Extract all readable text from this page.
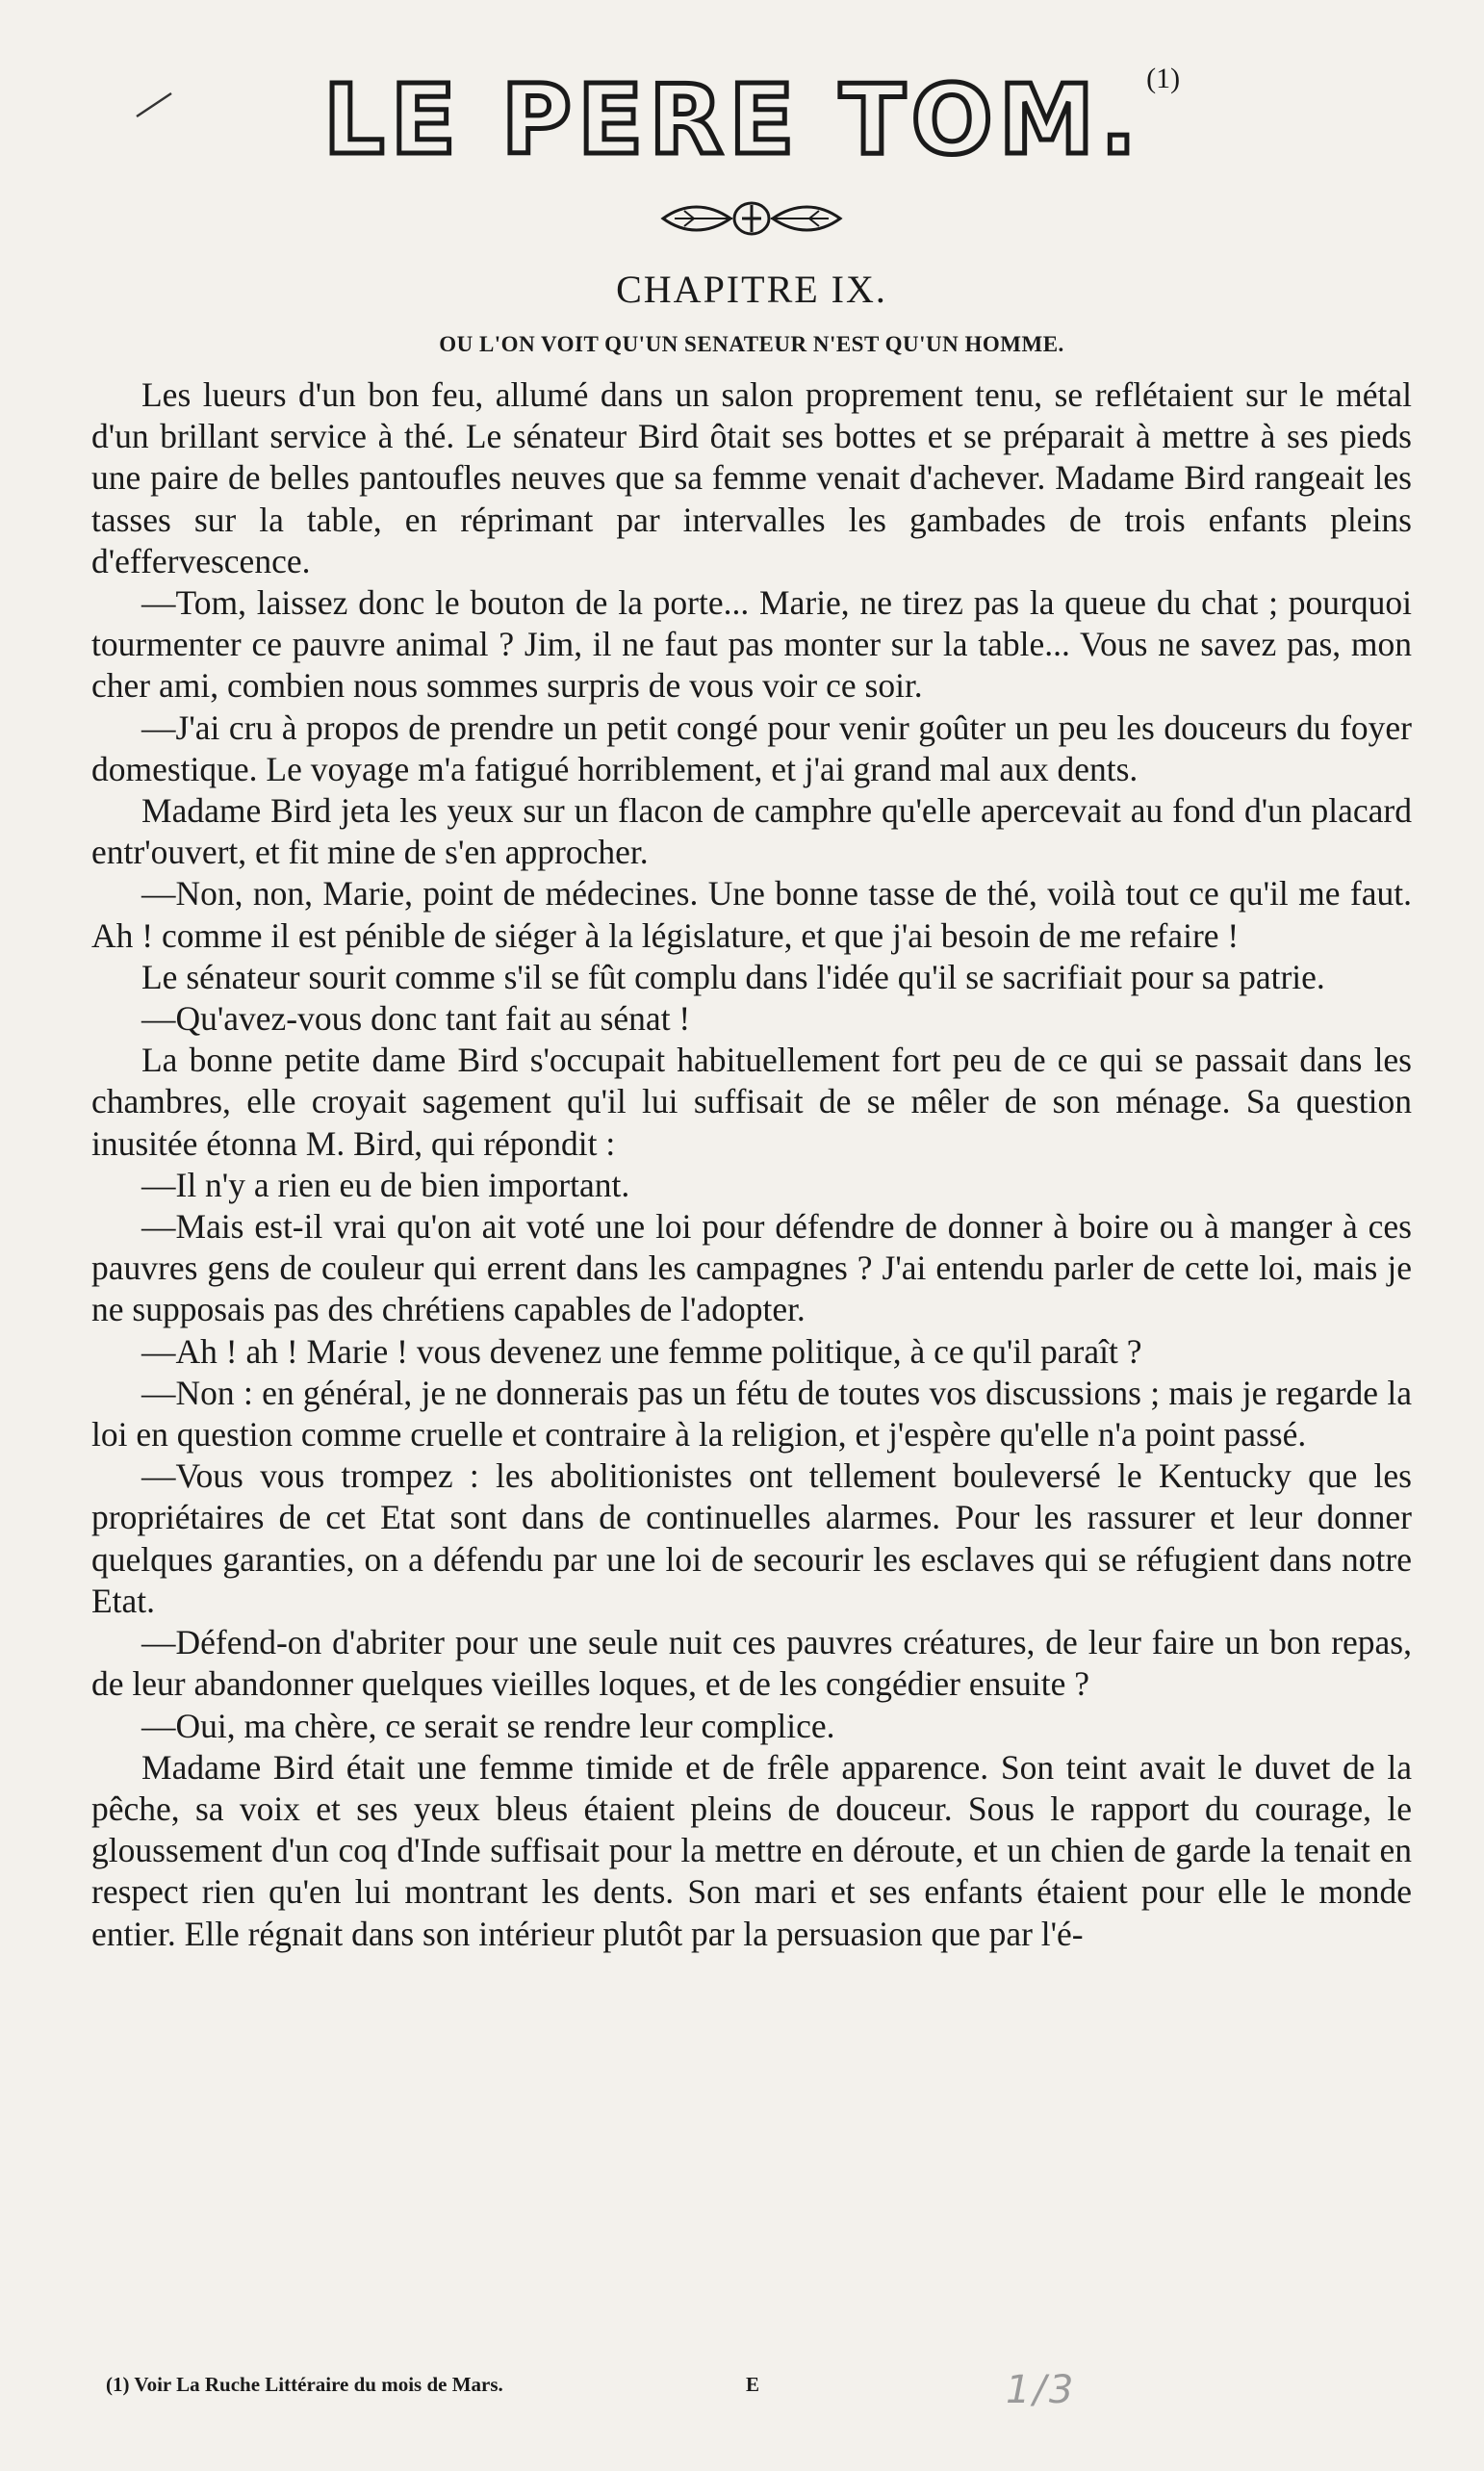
LE PERE TOM. (1)
CHAPITRE IX.
OU L'ON VOIT QU'UN SENATEUR N'EST QU'UN HOMME.

Les lueurs d'un bon feu, allumé dans un salon proprement tenu, se reflétaient sur le métal d'un brillant service à thé. Le sénateur Bird ôtait ses bottes et se préparait à mettre à ses pieds une paire de belles pantoufles neuves que sa femme venait d'achever. Madame Bird rangeait les tasses sur la table, en réprimant par intervalles les gambades de trois enfants pleins d'effervescence.

—Tom, laissez donc le bouton de la porte... Marie, ne tirez pas la queue du chat ; pourquoi tourmenter ce pauvre animal ? Jim, il ne faut pas monter sur la table... Vous ne savez pas, mon cher ami, combien nous sommes surpris de vous voir ce soir.

—J'ai cru à propos de prendre un petit congé pour venir goûter un peu les douceurs du foyer domestique. Le voyage m'a fatigué horriblement, et j'ai grand mal aux dents.

Madame Bird jeta les yeux sur un flacon de camphre qu'elle apercevait au fond d'un placard entr'ouvert, et fit mine de s'en approcher.

—Non, non, Marie, point de médecines. Une bonne tasse de thé, voilà tout ce qu'il me faut. Ah ! comme il est pénible de siéger à la législature, et que j'ai besoin de me refaire !

Le sénateur sourit comme s'il se fût complu dans l'idée qu'il se sacrifiait pour sa patrie.

—Qu'avez-vous donc tant fait au sénat !

La bonne petite dame Bird s'occupait habituellement fort peu de ce qui se passait dans les chambres, elle croyait sagement qu'il lui suffisait de se mêler de son ménage. Sa question inusitée étonna M. Bird, qui répondit :

—Il n'y a rien eu de bien important.

—Mais est-il vrai qu'on ait voté une loi pour défendre de donner à boire ou à manger à ces pauvres gens de couleur qui errent dans les campagnes ? J'ai entendu parler de cette loi, mais je ne supposais pas des chrétiens capables de l'adopter.

—Ah ! ah ! Marie ! vous devenez une femme politique, à ce qu'il paraît ?

—Non : en général, je ne donnerais pas un fétu de toutes vos discussions ; mais je regarde la loi en question comme cruelle et contraire à la religion, et j'espère qu'elle n'a point passé.

—Vous vous trompez : les abolitionistes ont tellement bouleversé le Kentucky que les propriétaires de cet Etat sont dans de continuelles alarmes. Pour les rassurer et leur donner quelques garanties, on a défendu par une loi de secourir les esclaves qui se réfugient dans notre Etat.

—Défend-on d'abriter pour une seule nuit ces pauvres créatures, de leur faire un bon repas, de leur abandonner quelques vieilles loques, et de les congédier ensuite ?

—Oui, ma chère, ce serait se rendre leur complice.

Madame Bird était une femme timide et de frêle apparence. Son teint avait le duvet de la pêche, sa voix et ses yeux bleus étaient pleins de douceur. Sous le rapport du courage, le gloussement d'un coq d'Inde suffisait pour la mettre en déroute, et un chien de garde la tenait en respect rien qu'en lui montrant les dents. Son mari et ses enfants étaient pour elle le monde entier. Elle régnait dans son intérieur plutôt par la persuasion que par l'é-

(1) Voir La Ruche Littéraire du mois de Mars.	E	1/3
